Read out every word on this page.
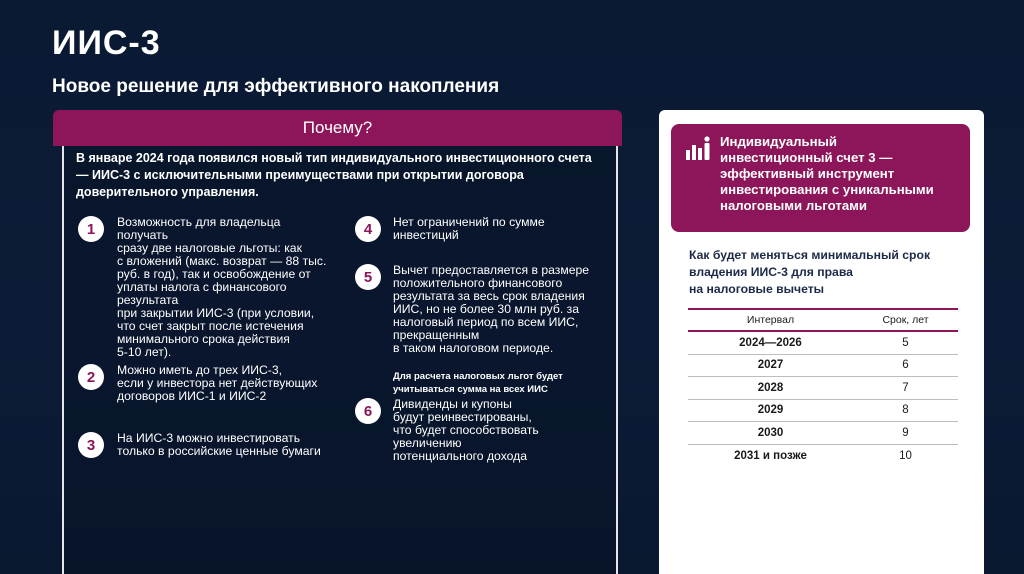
ИИС-3
Новое решение для эффективного накопления
Почему?
В январе 2024 года появился новый тип индивидуального инвестиционного счета — ИИС-3 с исключительными преимуществами при открытии договора доверительного управления.
1	Возможность для владельца получать
сразу две налоговые льготы: как
с вложений (макс. возврат — 88 тыс.
руб. в год), так и освобождение от
уплаты налога с финансового
результата
при закрытии ИИС-3 (при условии,
что счет закрыт после истечения
минимального срока действия
5-10 лет).
2	Можно иметь до трех ИИС-3,
если у инвестора нет действующих
договоров ИИС-1 и ИИС-2
3	На ИИС-3 можно инвестировать
только в российские ценные бумаги
4	Нет ограничений по сумме
инвестиций
5	Вычет предоставляется в размере
положительного финансового
результата за весь срок владения
ИИС, но не более 30 млн руб. за
налоговый период по всем ИИС,
прекращенным
в таком налоговом периоде.
Для расчета налоговых льгот будет
учитываться сумма на всех ИИС
6	Дивиденды и купоны
будут реинвестированы,
что будет способствовать
увеличению
потенциального дохода
Индивидуальный
инвестиционный счет 3 —
эффективный инструмент
инвестирования с уникальными
налоговыми льготами
Как будет меняться минимальный срок
владения ИИС-3 для права
на налоговые вычеты
Интервал	Срок, лет
2024—2026	5
2027	6
2028	7
2029	8
2030	9
2031 и позже	10
